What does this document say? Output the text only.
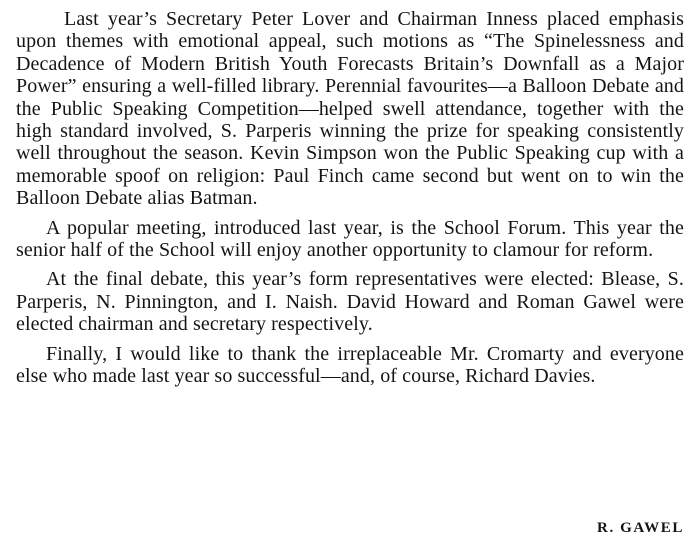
Last year’s Secretary Peter Lover and Chairman Inness placed emphasis upon themes with emotional appeal, such motions as “The Spinelessness and Decadence of Modern British Youth Forecasts Britain’s Downfall as a Major Power” ensuring a well-filled library. Perennial favourites—a Balloon Debate and the Public Speaking Competition—helped swell attendance, together with the high standard involved, S. Parperis winning the prize for speaking consistently well throughout the season. Kevin Simpson won the Public Speaking cup with a memorable spoof on religion: Paul Finch came second but went on to win the Balloon Debate alias Batman.

A popular meeting, introduced last year, is the School Forum. This year the senior half of the School will enjoy another opportunity to clamour for reform.

At the final debate, this year’s form representatives were elected: Blease, S. Parperis, N. Pinnington, and I. Naish. David Howard and Roman Gawel were elected chairman and secretary respectively.

Finally, I would like to thank the irreplaceable Mr. Cromarty and everyone else who made last year so successful—and, of course, Richard Davies.

R. GAWEL
